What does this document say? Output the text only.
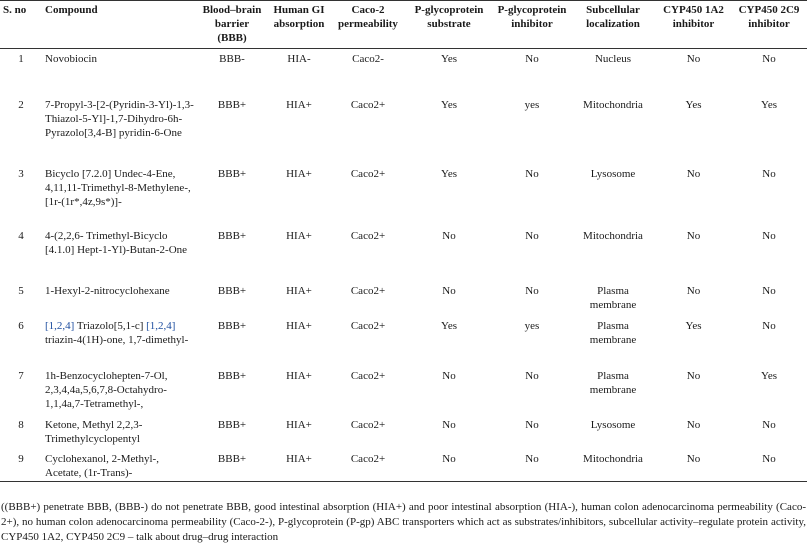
S. no	Compound	Blood–brain barrier (BBB)	Human GI absorption	Caco-2 permeability	P-glycoprotein substrate	P-glycoprotein inhibitor	Subcellular localization	CYP450 1A2 inhibitor	CYP450 2C9 inhibitor
1	Novobiocin	BBB-	HIA-	Caco2-	Yes	No	Nucleus	No	No
2	7-Propyl-3-[2-(Pyridin-3-Yl)-1,3-Thiazol-5-Yl]-1,7-Dihydro-6h-Pyrazolo[3,4-B] pyridin-6-One	BBB+	HIA+	Caco2+	Yes	yes	Mitochondria	Yes	Yes
3	Bicyclo [7.2.0] Undec-4-Ene, 4,11,11-Trimethyl-8-Methylene-, [1r-(1r*,4z,9s*)]-	BBB+	HIA+	Caco2+	Yes	No	Lysosome	No	No
4	4-(2,2,6- Trimethyl-Bicyclo [4.1.0] Hept-1-Yl)-Butan-2-One	BBB+	HIA+	Caco2+	No	No	Mitochondria	No	No
5	1-Hexyl-2-nitrocyclohexane	BBB+	HIA+	Caco2+	No	No	Plasma membrane	No	No
6	[1,2,4] Triazolo[5,1-c] [1,2,4] triazin-4(1H)-one, 1,7-dimethyl-	BBB+	HIA+	Caco2+	Yes	yes	Plasma membrane	Yes	No
7	1h-Benzocyclohepten-7-Ol, 2,3,4,4a,5,6,7,8-Octahydro-1,1,4a,7-Tetramethyl-,	BBB+	HIA+	Caco2+	No	No	Plasma membrane	No	Yes
8	Ketone, Methyl 2,2,3-Trimethylcyclopentyl	BBB+	HIA+	Caco2+	No	No	Lysosome	No	No
9	Cyclohexanol, 2-Methyl-, Acetate, (1r-Trans)-	BBB+	HIA+	Caco2+	No	No	Mitochondria	No	No
((BBB+) penetrate BBB, (BBB-) do not penetrate BBB, good intestinal absorption (HIA+) and poor intestinal absorption (HIA-), human colon adenocarcinoma permeability (Caco-2+), no human colon adenocarcinoma permeability (Caco-2-), P-glycoprotein (P-gp) ABC transporters which act as substrates/inhibitors, subcellular activity–regulate protein activity, CYP450 1A2, CYP450 2C9 – talk about drug–drug interaction
